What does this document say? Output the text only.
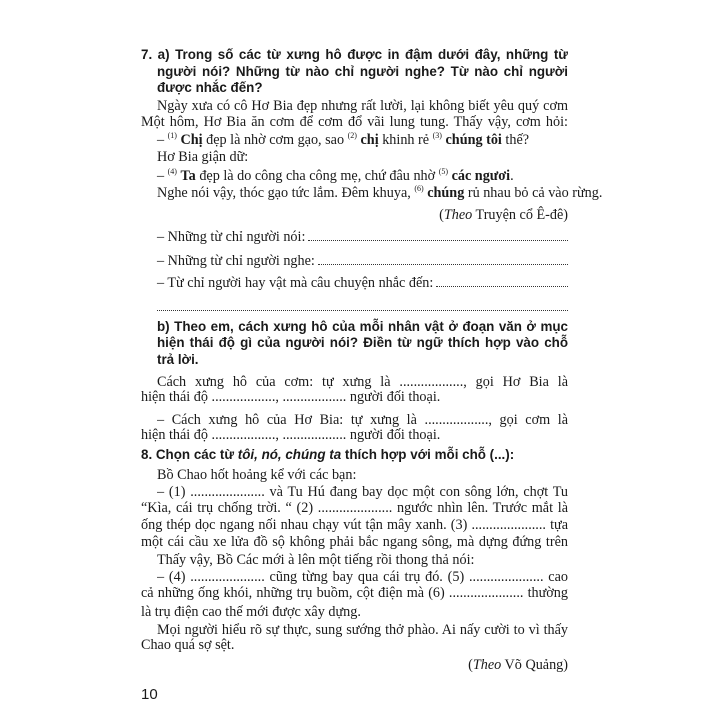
7. a) Trong số các từ xưng hô được in đậm dưới đây, những từ
người nói? Những từ nào chỉ người nghe? Từ nào chỉ người
được nhắc đến?
Ngày xưa có cô Hơ Bia đẹp nhưng rất lười, lại không biết yêu quý cơm
Một hôm, Hơ Bia ăn cơm để cơm đổ vãi lung tung. Thấy vậy, cơm hỏi:
– $^{(1)}$ Chị đẹp là nhờ cơm gạo, sao $^{(2)}$ chị khinh rẻ $^{(3)}$ chúng tôi thế?
Hơ Bia giận dữ:
– $^{(4)}$ Ta đẹp là do công cha công mẹ, chứ đâu nhờ $^{(5)}$ các ngươi.
Nghe nói vậy, thóc gạo tức lắm. Đêm khuya, $^{(6)}$ chúng rủ nhau bỏ cả vào rừng.
(Theo Truyện cổ Ê-đê)
– Những từ chỉ người nói:
– Những từ chỉ người nghe:
– Từ chỉ người hay vật mà câu chuyện nhắc đến:
b) Theo em, cách xưng hô của mỗi nhân vật ở đoạn văn ở mục
hiện thái độ gì của người nói? Điền từ ngữ thích hợp vào chỗ
trả lời.
Cách xưng hô của cơm: tự xưng là .................., gọi Hơ Bia là
hiện thái độ .................., .................. người đối thoại.
– Cách xưng hô của Hơ Bia: tự xưng là .................., gọi cơm là
hiện thái độ .................., .................. người đối thoại.
8. Chọn các từ tôi, nó, chúng ta thích hợp với mỗi chỗ (...):
Bồ Chao hốt hoảng kể với các bạn:
– (1) ..................... và Tu Hú đang bay dọc một con sông lớn, chợt Tu
“Kìa, cái trụ chống trời. “ (2) ..................... ngước nhìn lên. Trước mắt là
ống thép dọc ngang nối nhau chạy vút tận mây xanh. (3) ..................... tựa
một cái cầu xe lửa đồ sộ không phải bắc ngang sông, mà dựng đứng trên
Thấy vậy, Bồ Các mới à lên một tiếng rồi thong thả nói:
– (4) ..................... cũng từng bay qua cái trụ đó. (5) ..................... cao
cả những ống khói, những trụ buồm, cột điện mà (6) ..................... thường
là trụ điện cao thế mới được xây dựng.
Mọi người hiểu rõ sự thực, sung sướng thở phào. Ai nấy cười to vì thấy
Chao quá sợ sệt.
(Theo Võ Quảng)
10
